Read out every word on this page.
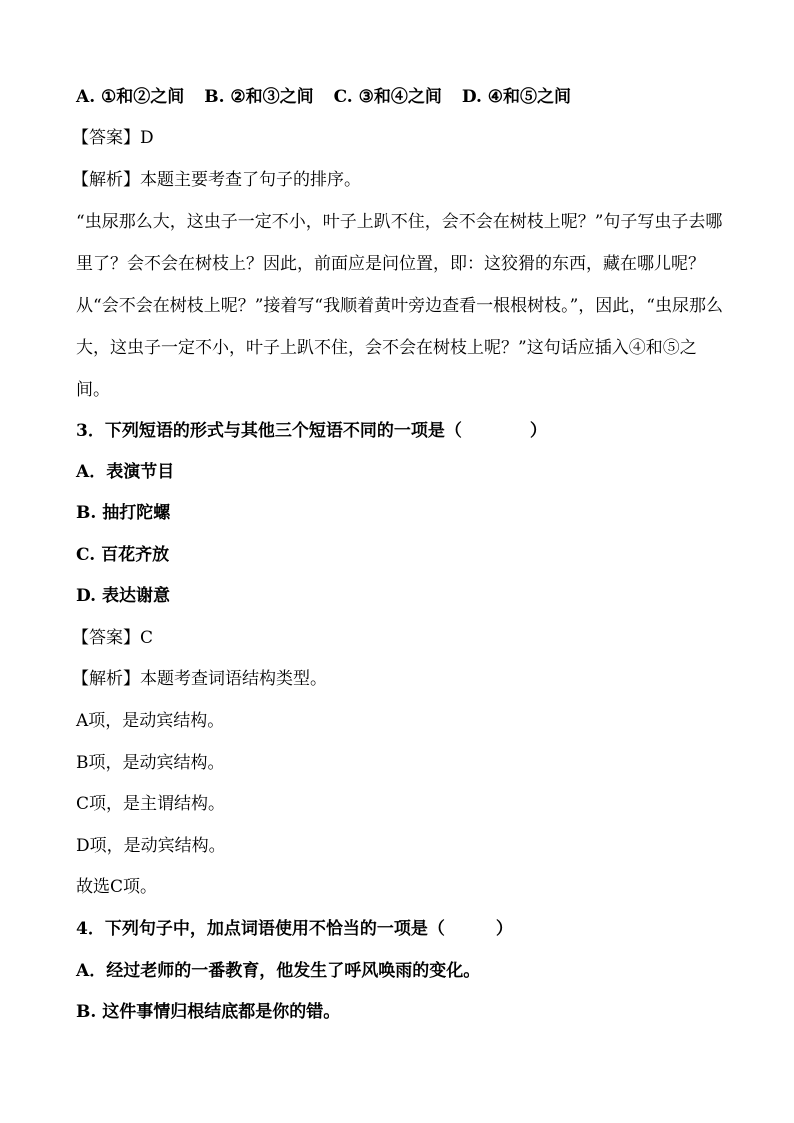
A. ①和②之间 B. ②和③之间 C. ③和④之间 D. ④和⑤之间
【答案】D
【解析】本题主要考查了句子的排序。
“虫尿那么大，这虫子一定不小，叶子上趴不住，会不会在树枝上呢？”句子写虫子去哪里了？会不会在树枝上？因此，前面应是问位置，即：这狡猾的东西，藏在哪儿呢？从“会不会在树枝上呢？”接着写“我顺着黄叶旁边查看一根根树枝。”，因此，“虫尿那么大，这虫子一定不小，叶子上趴不住，会不会在树枝上呢？”这句话应插入④和⑤之间。
3．下列短语的形式与其他三个短语不同的一项是（　　　　）
A．表演节目
B. 抽打陀螺
C. 百花齐放
D. 表达谢意
【答案】C
【解析】本题考查词语结构类型。
A项，是动宾结构。
B项，是动宾结构。
C项，是主谓结构。
D项，是动宾结构。
故选C项。
4．下列句子中，加点词语使用不恰当的一项是（　　　）
A．经过老师的一番教育，他发生了呼风唤雨的变化。
B. 这件事情归根结底都是你的错。
